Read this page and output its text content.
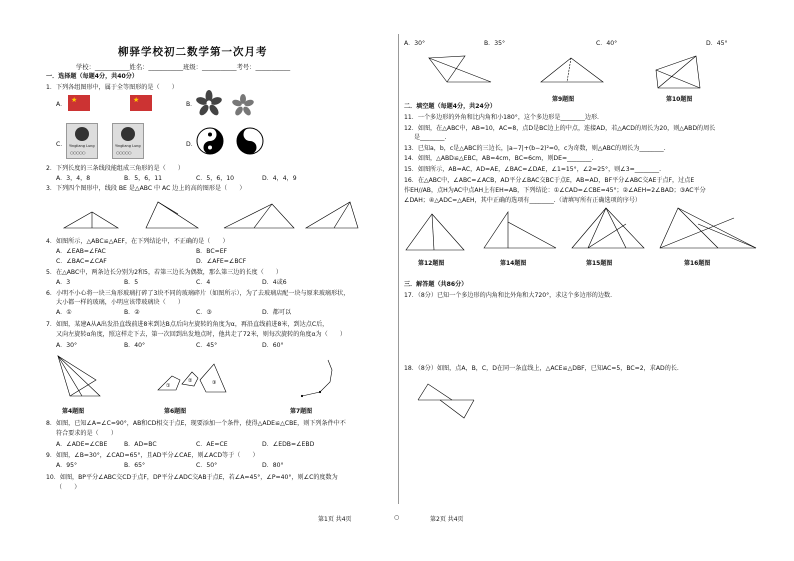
柳驿学校初二数学第一次月考
学校：___________姓名：___________班级：___________考号：___________
一．选择题（每题4分，共40分）
1．下列各组图形中，属于全等图形的是（　　）
A．
★	★
B．
C． Yingliang Lung
○○○○○
Yingliang Lung
○○○○○
D．
2．下列长度的三条线段能组成三角形的是（　　）
A．3，4，8	B．5，6，11	C．5，6，10	D．4，4，9
3．下列四个图形中，线段 BE 是△ABC 中 AC 边上的高的图形是（　　）
4．如图所示，△ABC≌△AEF，在下列结论中，不正确的是（　　）
A．∠EAB=∠FAC	B．BC=EF
C．∠BAC=∠CAF	D．∠AFE=∠BCF
5．在△ABC中，两条边长分别为2和5，若第三边长为偶数，那么第三边的长度（　　）
A．3	B．5	C．4	D．4或6
6．小明不小心将一块三角形玻璃打碎了3块不同的玻璃碎片（如图所示），为了去玻璃店配一块与原来玻璃形状，
大小都一样的玻璃，小明应该带玻璃块（　　）
A．①	B．②	C．③	D．都可以
7．如图，某建A从A出发沿直线前进8米到达B点后向左旋转的角度为α，再沿直线前进8米，到达点C后，
又向左旋转α角度，照这样走下去，第一次回到出发地点时，他共走了72米，则每次旋转的角度α为（　　）
A．30°	B．40°	C．45°	D．60°
第4题图
①
②	③
第6题图	第7题图
8．如图，已知∠A=∠C=90°，AB和CD相交于点E，现要添加一个条件，使得△ADE≌△CBE，则下列条件中不
符合要求的是（　　）
A．∠ADE=∠CBE	B．AD=BC	C．AE=CE	D．∠EDB=∠EBD
9．如图，∠B=30°，∠CAD=65°，且AD平分∠CAE，则∠ACD等于（　　）
A．95°	B．65°	C．50°	D．80°
10．如图，BP平分∠ABC交CD于点F，DP平分∠ADC交AB于点E，若∠A=45°，∠P=40°，则∠C的度数为
（　　）
A．30°	B．35°	C．40°	D．45°
第9题图	第10题图
二．填空题（每题4分，共24分）
11．一个多边形的外角和比内角和小180°，这个多边形是________边形.
12．如图，在△ABC中，AB=10，AC=8，点D是BC边上的中点，连接AD，若△ACD的周长为20，则△ABD的周长
是________.
13．已知a，b，c是△ABC的三边长，|a−7|+(b−2)²=0，c为奇数，则△ABC的周长为________.
14．如图，△ABD≌△EBC，AB=4cm，BC=6cm，则DE=________.
15．如图所示，AB=AC，AD=AE，∠BAC=∠DAE，∠1=15°，∠2=25°，则∠3=________.
16．在△ABC中，∠ABC=∠ACB，AD平分∠BAC交BC于点E，AB=AD，BF平分∠ABC交AE于点F，过点E
作EH//AB，点H为AC中点AH上有EH=AB，下列结论：①∠CAD=∠CBE=45°；②∠AEH=2∠BAD；③AC平分
∠DAH；④△ADC=△AEH，其中正确的选项有________.（请填写所有正确选项的序号）
第12题图	第14题图	第15题图	第16题图
三．解答题（共86分）
17．（8分）已知一个多边形的内角和比外角和大720°，求这个多边形的边数.
18．（8分）如图，点A，B，C，D在同一条直线上，△ACE≌△DBF，已知AC=5，BC=2，求AD的长.
第1页 共4页	○	第2页 共4页
